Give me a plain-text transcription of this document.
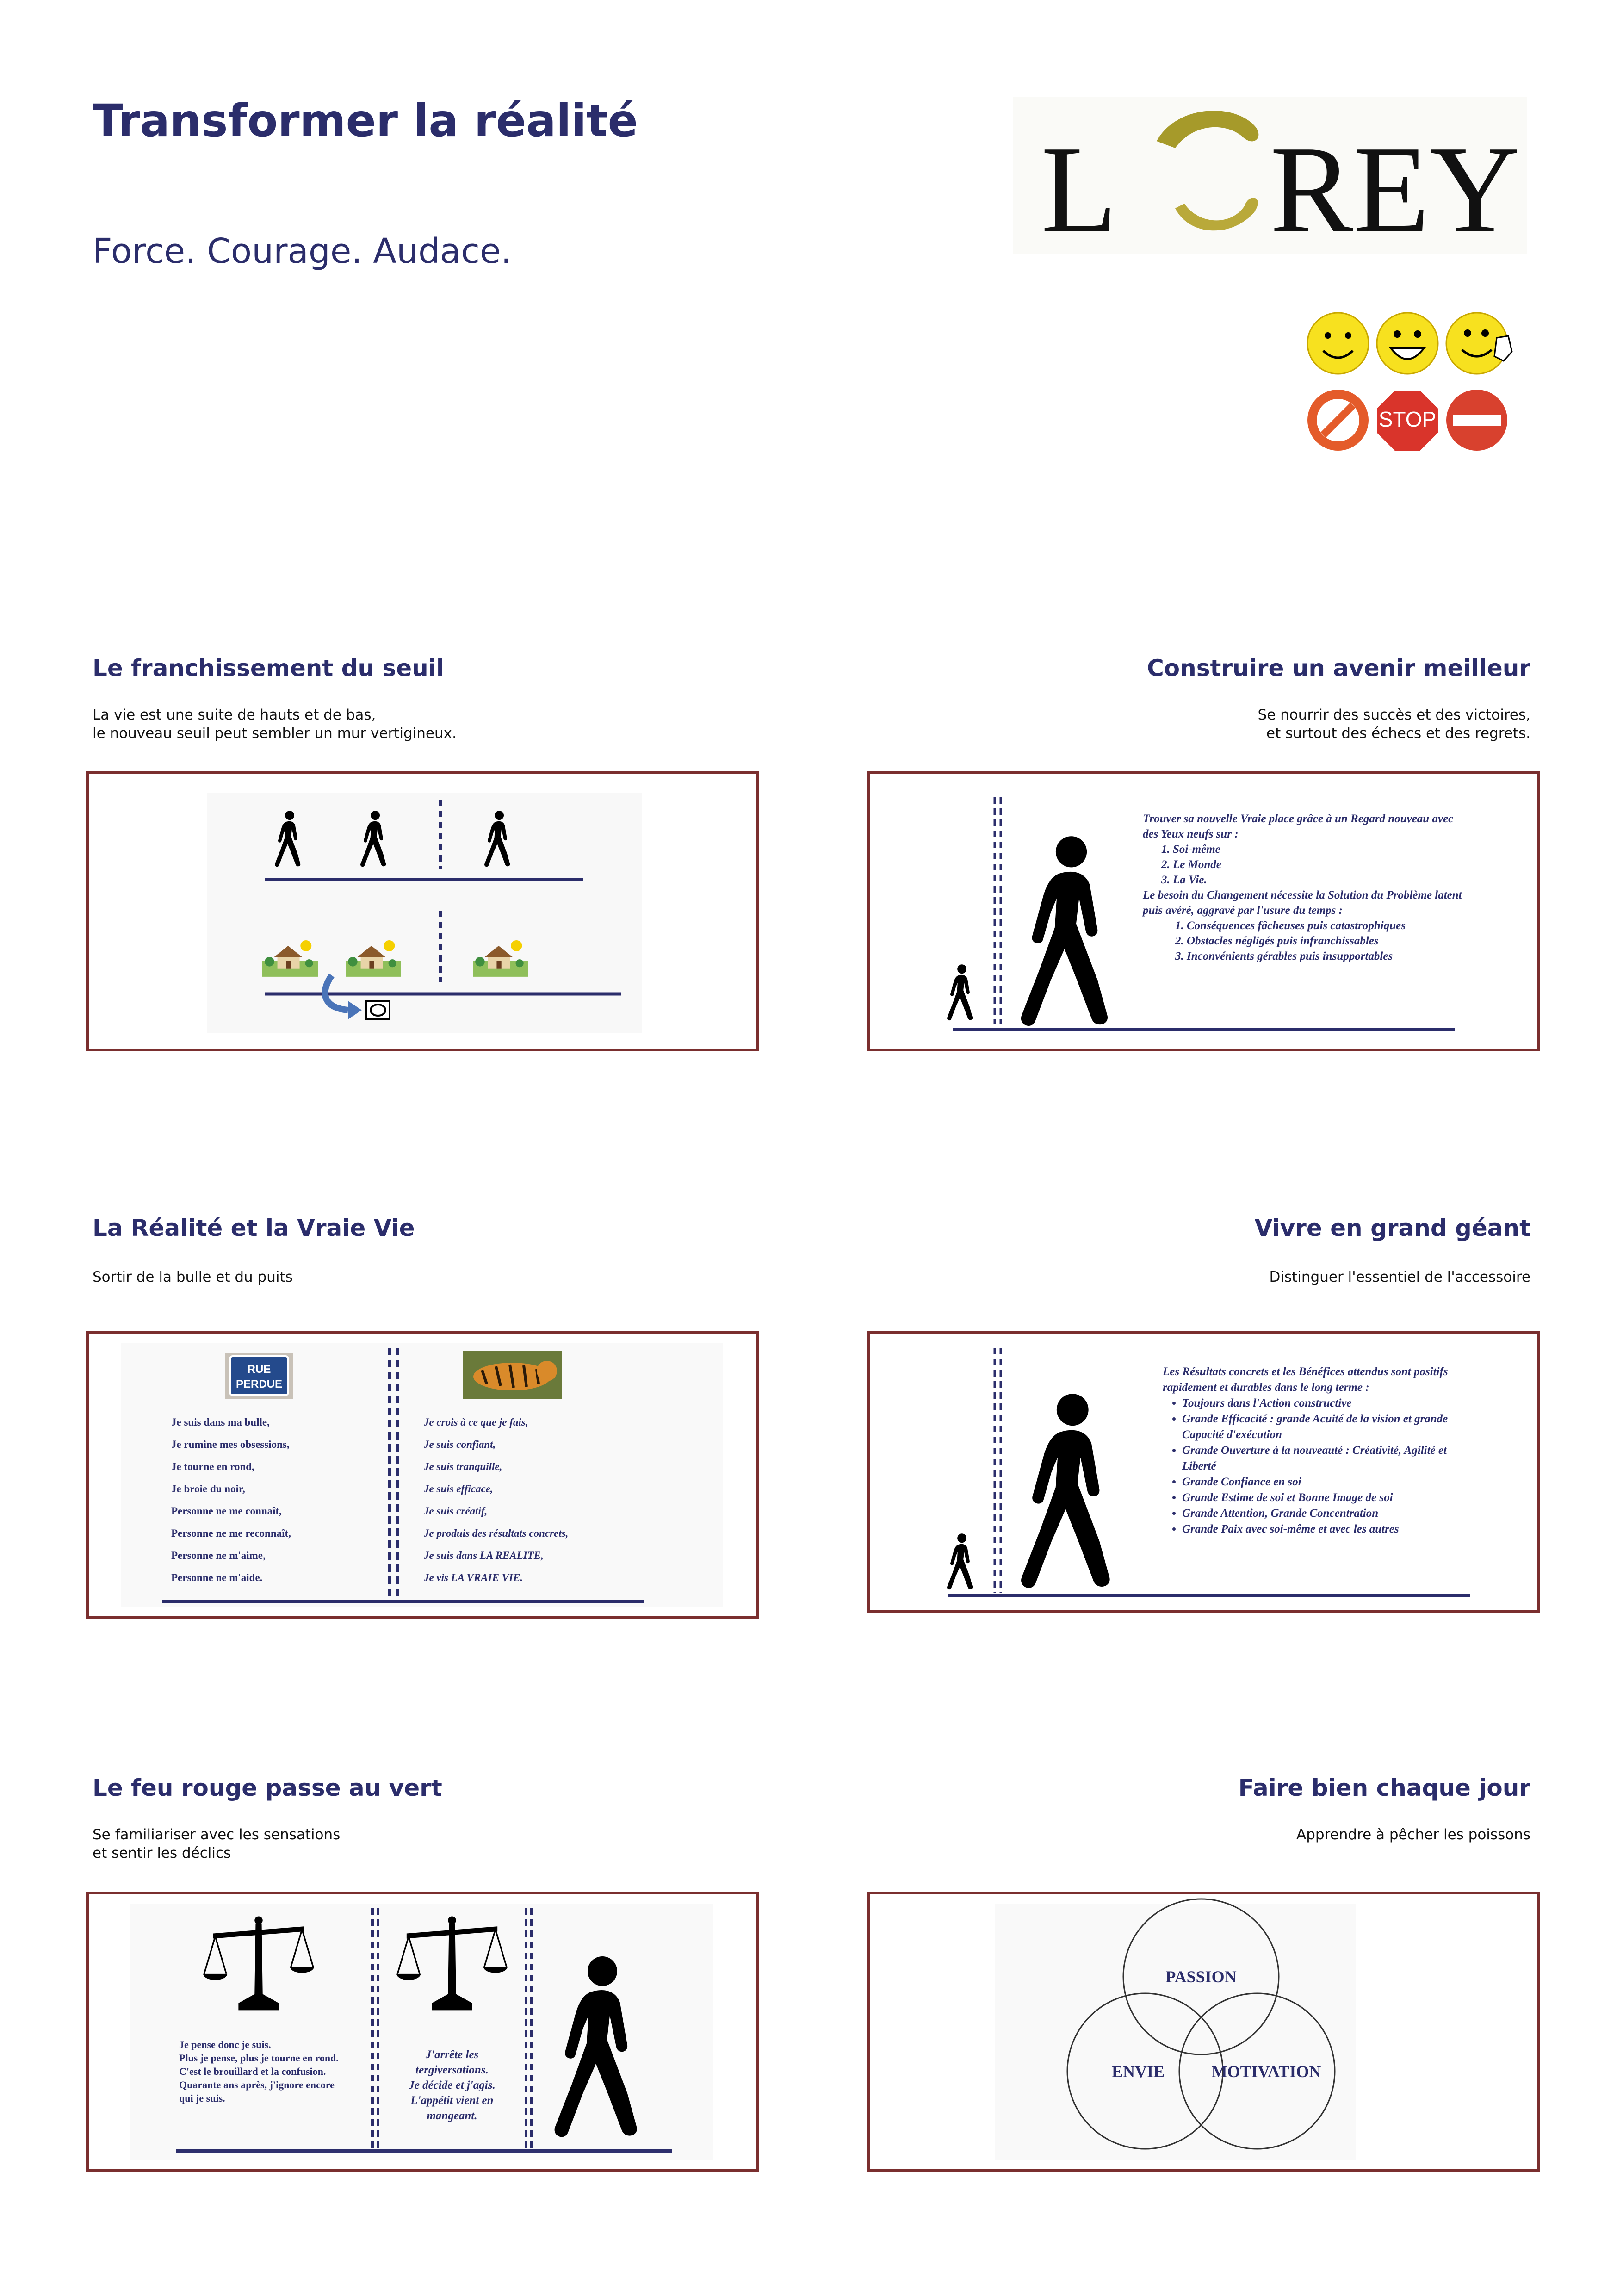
Transformer la réalité
Force. Courage. Audace.	L REY
STOP
Le franchissement du seuil
La vie est une suite de hauts et de bas,
le nouveau seuil peut sembler un mur vertigineux.
Construire un avenir meilleur
Se nourrir des succès et des victoires,
et surtout des échecs et des regrets.
Trouver sa nouvelle Vraie place grâce à un Regard nouveau avec des Yeux neufs sur :
1. Soi-même
2. Le Monde
3. La Vie.
Le besoin du Changement nécessite la Solution du Problème latent puis avéré, aggravé par l'usure du temps :
1. Conséquences fâcheuses puis catastrophiques
2. Obstacles négligés puis infranchissables
3. Inconvénients gérables puis insupportables
La Réalité et la Vraie Vie
Sortir de la bulle et du puits
RUE
PERDUE
Je suis dans ma bulle,
Je rumine mes obsessions,
Je tourne en rond,
Je broie du noir,
Personne ne me connaît,
Personne ne me reconnaît,
Personne ne m'aime,
Personne ne m'aide.
Je crois à ce que je fais,
Je suis confiant,
Je suis tranquille,
Je suis efficace,
Je suis créatif,
Je produis des résultats concrets,
Je suis dans LA REALITE,
Je vis LA VRAIE VIE.
Vivre en grand géant
Distinguer l'essentiel de l'accessoire
Les Résultats concrets et les Bénéfices attendus sont positifs rapidement et durables dans le long terme :
• Toujours dans l'Action constructive
• Grande Efficacité : grande Acuité de la vision et grande Capacité d'exécution
• Grande Ouverture à la nouveauté : Créativité, Agilité et Liberté
• Grande Confiance en soi
• Grande Estime de soi et Bonne Image de soi
• Grande Attention, Grande Concentration
• Grande Paix avec soi-même et avec les autres
Le feu rouge passe au vert
Se familiariser avec les sensations
et sentir les déclics
Je pense donc je suis.
Plus je pense, plus je tourne en rond.
C'est le brouillard et la confusion.
Quarante ans après, j'ignore encore qui je suis.
J'arrête les tergiversations.
Je décide et j'agis.
L'appétit vient en mangeant.
Faire bien chaque jour
Apprendre à pêcher les poissons
PASSION
ENVIE	MOTIVATION
